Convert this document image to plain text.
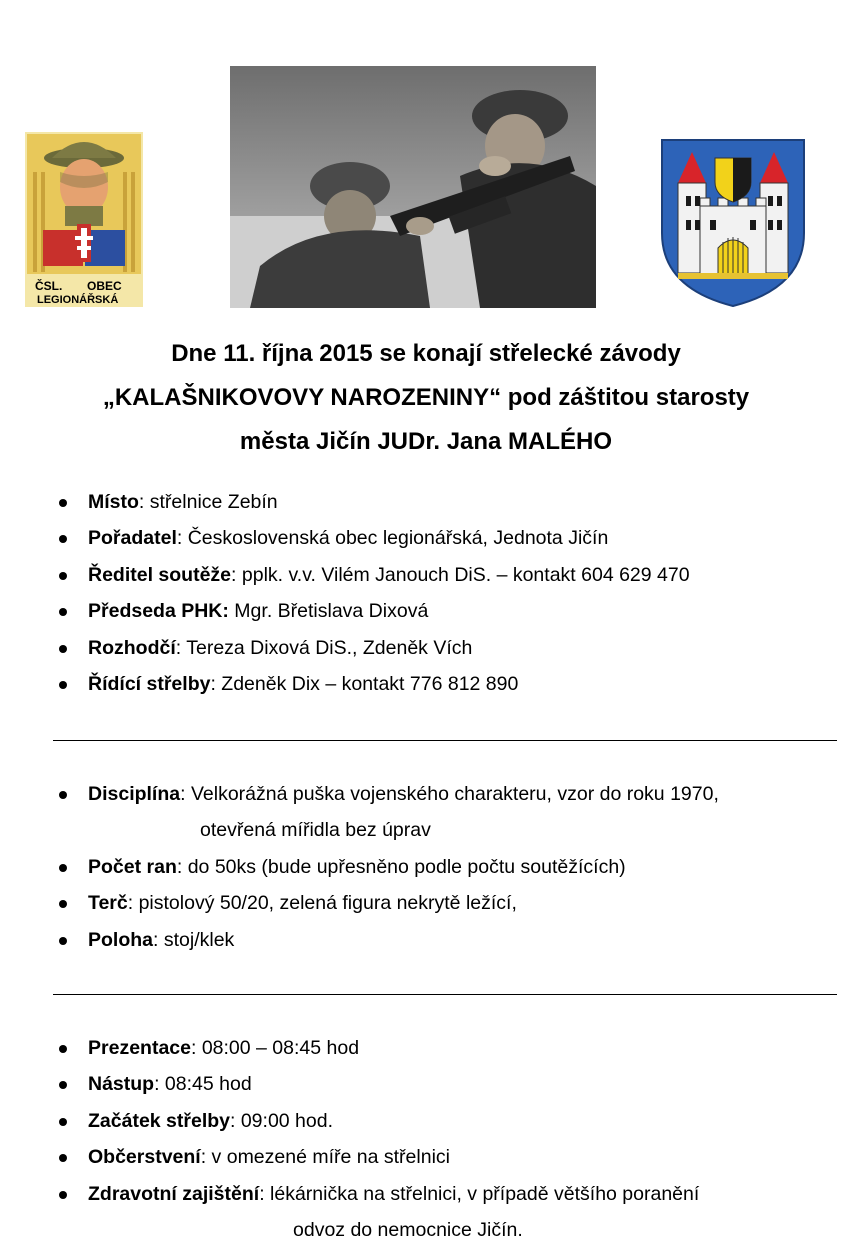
ČSL. OBEC
LEGIONÁŘSKÁ
Dne 11. října 2015 se konají střelecké závody
„KALAŠNIKOVOVY NAROZENINY“ pod záštitou starosty
města Jičín JUDr. Jana MALÉHO
Místo: střelnice Zebín
Pořadatel: Československá obec legionářská, Jednota Jičín
Ředitel soutěže: pplk. v.v. Vilém Janouch DiS. – kontakt 604 629 470
Předseda PHK: Mgr. Břetislava Dixová
Rozhodčí: Tereza Dixová DiS., Zdeněk Vích
Řídící střelby: Zdeněk Dix – kontakt 776 812 890
Disciplína: Velkorážná puška vojenského charakteru, vzor do roku 1970,
otevřená mířidla bez úprav
Počet ran: do 50ks (bude upřesněno podle počtu soutěžících)
Terč: pistolový 50/20, zelená figura nekrytě ležící,
Poloha: stoj/klek
Prezentace: 08:00 – 08:45 hod
Nástup: 08:45 hod
Začátek střelby: 09:00 hod.
Občerstvení: v omezené míře na střelnici
Zdravotní zajištění: lékárnička na střelnici, v případě většího poranění
odvoz do nemocnice Jičín.
